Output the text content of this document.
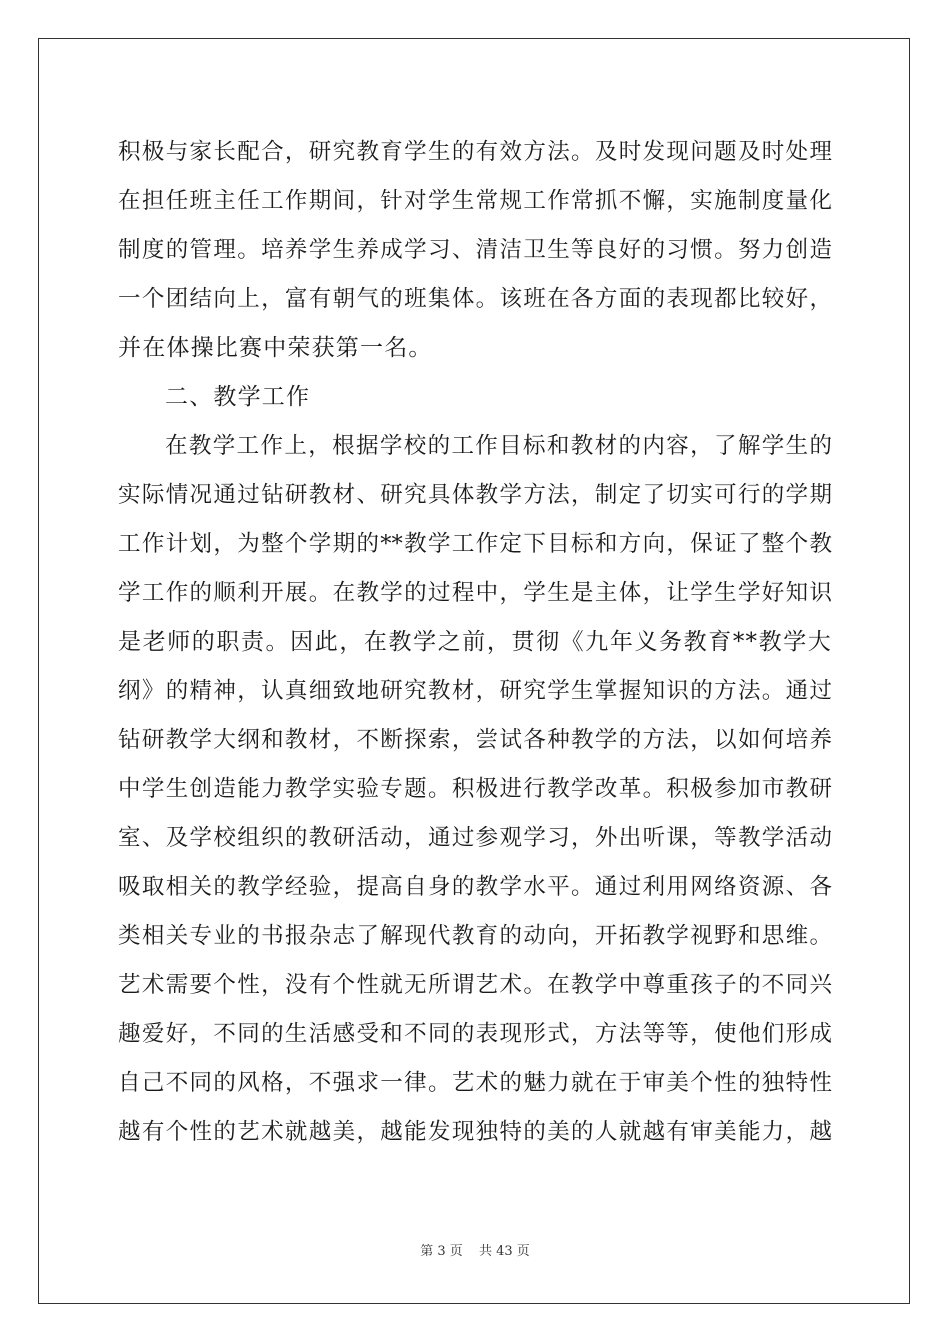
积极与家长配合，研究教育学生的有效方法。及时发现问题及时处理
在担任班主任工作期间，针对学生常规工作常抓不懈，实施制度量化
制度的管理。培养学生养成学习、清洁卫生等良好的习惯。努力创造
一个团结向上，富有朝气的班集体。该班在各方面的表现都比较好，
并在体操比赛中荣获第一名。
二、教学工作
在教学工作上，根据学校的工作目标和教材的内容，了解学生的
实际情况通过钻研教材、研究具体教学方法，制定了切实可行的学期
工作计划，为整个学期的**教学工作定下目标和方向，保证了整个教
学工作的顺利开展。在教学的过程中，学生是主体，让学生学好知识
是老师的职责。因此，在教学之前，贯彻《九年义务教育**教学大
纲》的精神，认真细致地研究教材，研究学生掌握知识的方法。通过
钻研教学大纲和教材，不断探索，尝试各种教学的方法，以如何培养
中学生创造能力教学实验专题。积极进行教学改革。积极参加市教研
室、及学校组织的教研活动，通过参观学习，外出听课，等教学活动
吸取相关的教学经验，提高自身的教学水平。通过利用网络资源、各
类相关专业的书报杂志了解现代教育的动向，开拓教学视野和思维。
艺术需要个性，没有个性就无所谓艺术。在教学中尊重孩子的不同兴
趣爱好，不同的生活感受和不同的表现形式，方法等等，使他们形成
自己不同的风格，不强求一律。艺术的魅力就在于审美个性的独特性
越有个性的艺术就越美，越能发现独特的美的人就越有审美能力，越
第 3 页 共 43 页
